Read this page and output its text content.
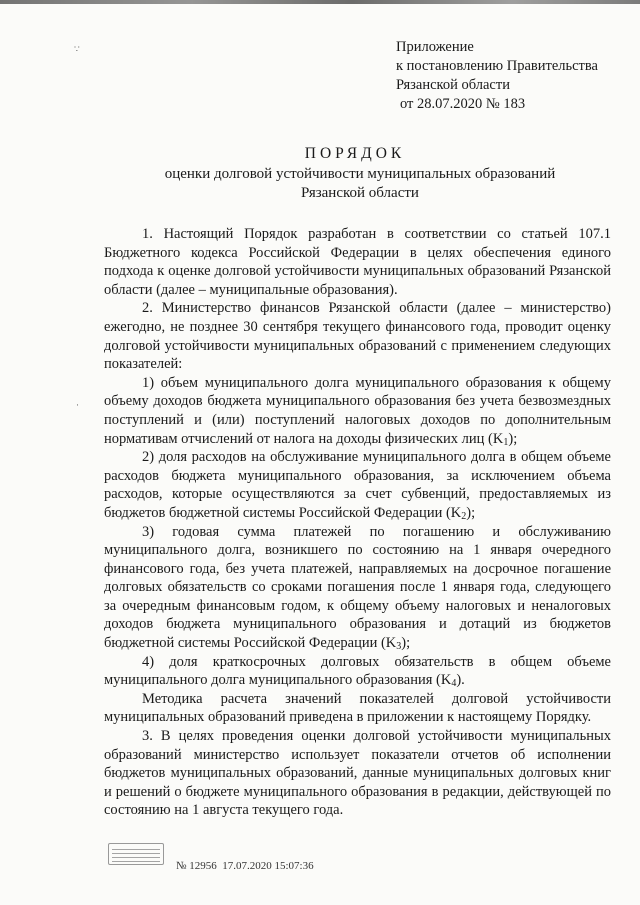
∵
·
Приложение
к постановлению Правительства
Рязанской области
от 28.07.2020 № 183
ПОРЯДОК
оценки долговой устойчивости муниципальных образований
Рязанской области

1. Настоящий Порядок разработан в соответствии со статьей 107.1 Бюджетного кодекса Российской Федерации в целях обеспечения единого подхода к оценке долговой устойчивости муниципальных образований Рязанской области (далее – муниципальные образования).

2. Министерство финансов Рязанской области (далее – министерство) ежегодно, не позднее 30 сентября текущего финансового года, проводит оценку долговой устойчивости муниципальных образований с применением следующих показателей:

1) объем муниципального долга муниципального образования к общему объему доходов бюджета муниципального образования без учета безвозмездных поступлений и (или) поступлений налоговых доходов по дополнительным нормативам отчислений от налога на доходы физических лиц $(K_1)$;

2) доля расходов на обслуживание муниципального долга в общем объеме расходов бюджета муниципального образования, за исключением объема расходов, которые осуществляются за счет субвенций, предоставляемых из бюджетов бюджетной системы Российской Федерации $(K_2)$;

3) годовая сумма платежей по погашению и обслуживанию муниципального долга, возникшего по состоянию на 1 января очередного финансового года, без учета платежей, направляемых на досрочное погашение долговых обязательств со сроками погашения после 1 января года, следующего за очередным финансовым годом, к общему объему налоговых и неналоговых доходов бюджета муниципального образования и дотаций из бюджетов бюджетной системы Российской Федерации $(K_3)$;

4) доля краткосрочных долговых обязательств в общем объеме муниципального долга муниципального образования $(K_4)$.

Методика расчета значений показателей долговой устойчивости муниципальных образований приведена в приложении к настоящему Порядку.

3. В целях проведения оценки долговой устойчивости муниципальных образований министерство использует показатели отчетов об исполнении бюджетов муниципальных образований, данные муниципальных долговых книг и решений о бюджете муниципального образования в редакции, действующей по состоянию на 1 августа текущего года.

№ 12956 17.07.2020 15:07:36
